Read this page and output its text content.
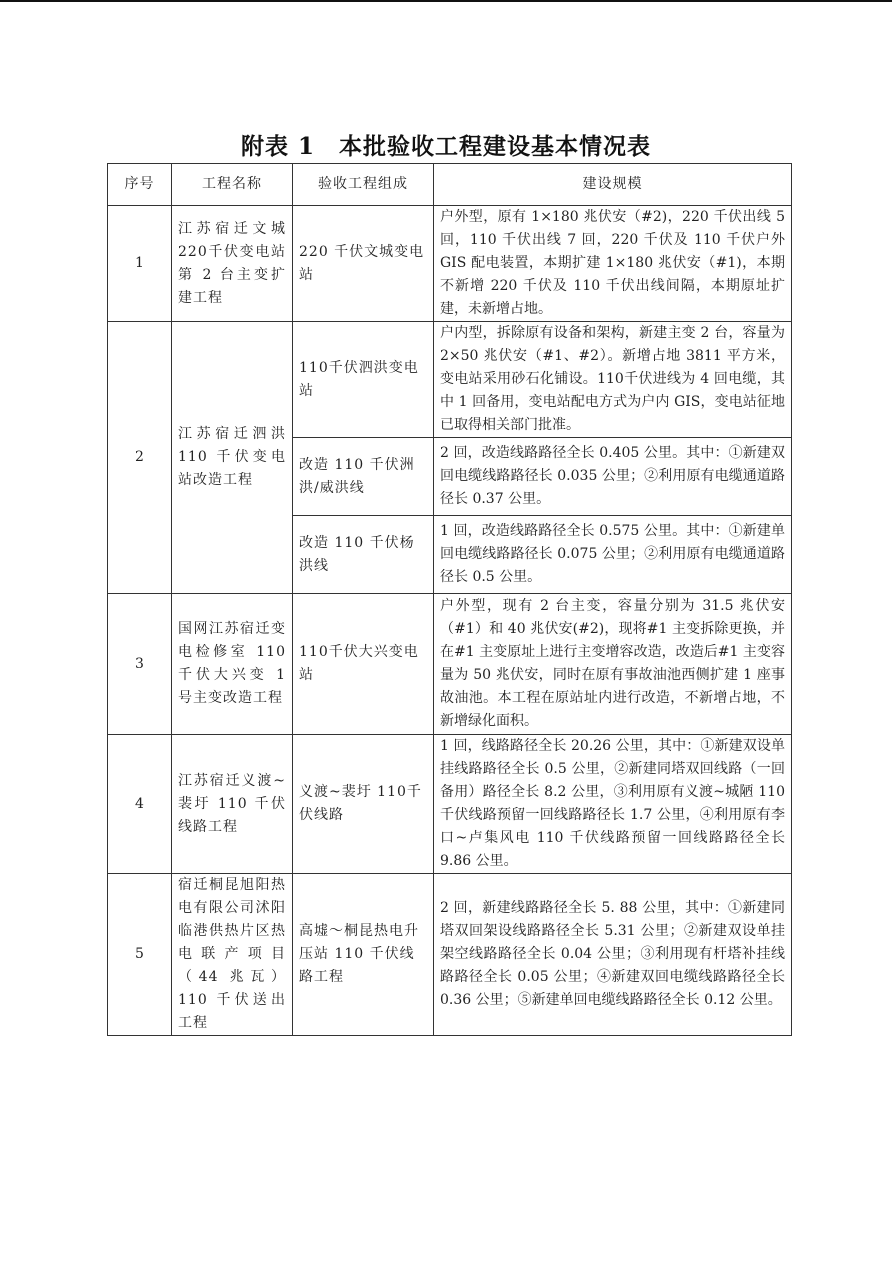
附表 1　本批验收工程建设基本情况表
序号	工程名称	验收工程组成	建设规模
1	江苏宿迁文城220千伏变电站第 2 台主变扩建工程	220 千伏文城变电站	户外型，原有 1×180 兆伏安（#2)，220 千伏出线 5 回，110 千伏出线 7 回，220 千伏及 110 千伏户外 GIS 配电装置，本期扩建 1×180 兆伏安（#1)，本期不新增 220 千伏及 110 千伏出线间隔，本期原址扩建，未新增占地。
2	江苏宿迁泗洪 110 千伏变电站改造工程	110千伏泗洪变电站	户内型，拆除原有设备和架构，新建主变 2 台，容量为 2×50 兆伏安（#1、#2）。新增占地 3811 平方米，变电站采用砂石化铺设。110千伏进线为 4 回电缆，其中 1 回备用，变电站配电方式为户内 GIS，变电站征地已取得相关部门批准。
		改造 110 千伏洲洪/威洪线	2 回，改造线路路径全长 0.405 公里。其中：①新建双回电缆线路路径长 0.035 公里；②利用原有电缆通道路径长 0.37 公里。
		改造 110 千伏杨洪线	1 回，改造线路路径全长 0.575 公里。其中：①新建单回电缆线路路径长 0.075 公里；②利用原有电缆通道路径长 0.5 公里。
3	国网江苏宿迁变电检修室 110 千伏大兴变 1 号主变改造工程	110千伏大兴变电站	户外型，现有 2 台主变，容量分别为 31.5 兆伏安（#1）和 40 兆伏安(#2)，现将#1 主变拆除更换，并在#1 主变原址上进行主变增容改造，改造后#1 主变容量为 50 兆伏安，同时在原有事故油池西侧扩建 1 座事故油池。本工程在原站址内进行改造，不新增占地，不新增绿化面积。
4	江苏宿迁义渡~裴圩 110 千伏线路工程	义渡~裴圩 110千伏线路	1 回，线路路径全长 20.26 公里，其中：①新建双设单挂线路路径全长 0.5 公里，②新建同塔双回线路（一回备用）路径全长 8.2 公里，③利用原有义渡~城陋 110千伏线路预留一回线路路径长 1.7 公里，④利用原有李口~卢集风电 110 千伏线路预留一回线路路径全长 9.86 公里。
5	宿迁桐昆旭阳热电有限公司沭阳临港供热片区热电联产项目（44 兆瓦）110 千伏送出工程	高墟～桐昆热电升压站 110 千伏线路工程	2 回，新建线路路径全长 5. 88 公里，其中：①新建同塔双回架设线路路径全长 5.31 公里；②新建双设单挂架空线路路径全长 0.04 公里；③利用现有杆塔补挂线路路径全长 0.05 公里；④新建双回电缆线路路径全长 0.36 公里；⑤新建单回电缆线路路径全长 0.12 公里。
